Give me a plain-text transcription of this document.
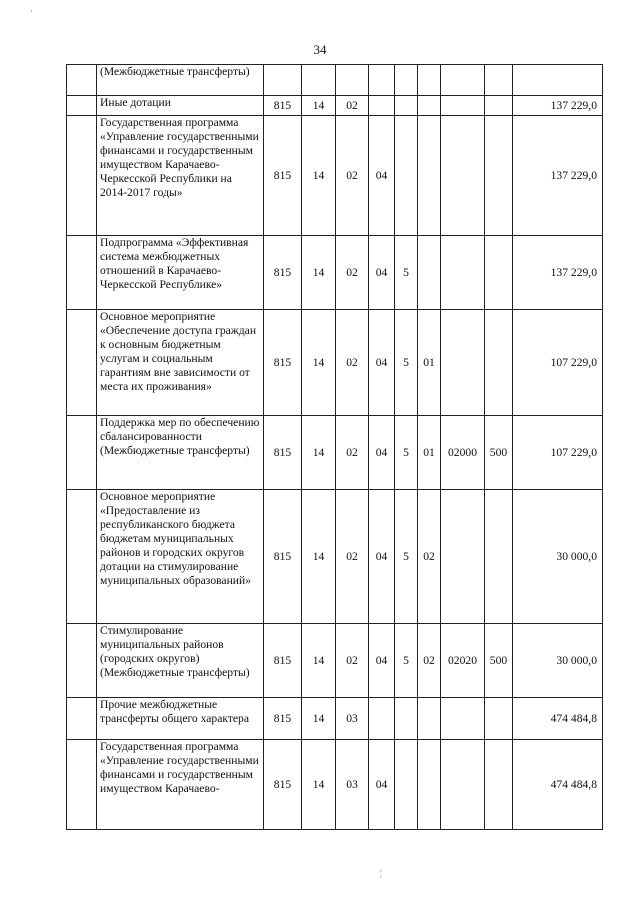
34
	(Межбюджетные трансферты)									
	Иные дотации	815	14	02						137 229,0
	Государственная программа «Управление государственными финансами и государственным имуществом Карачаево-Черкесской Республики на 2014-2017 годы»	815	14	02	04					137 229,0
	Подпрограмма «Эффективная система межбюджетных отношений в Карачаево-Черкесской Республике»	815	14	02	04	5				137 229,0
	Основное мероприятие «Обеспечение доступа граждан к основным бюджетным услугам и социальным гарантиям вне зависимости от места их проживания»	815	14	02	04	5	01			107 229,0
	Поддержка мер по обеспечению сбалансированности (Межбюджетные трансферты)	815	14	02	04	5	01	02000	500	107 229,0
	Основное мероприятие «Предоставление из республиканского бюджета бюджетам муниципальных районов и городских округов дотации на стимулирование муниципальных образований»	815	14	02	04	5	02			30 000,0
	Стимулирование муниципальных районов (городских округов) (Межбюджетные трансферты)	815	14	02	04	5	02	02020	500	30 000,0
	Прочие межбюджетные трансферты общего характера	815	14	03						474 484,8
	Государственная программа «Управление государственными финансами и государственным имуществом Карачаево-	815	14	03	04					474 484,8
·
¦
